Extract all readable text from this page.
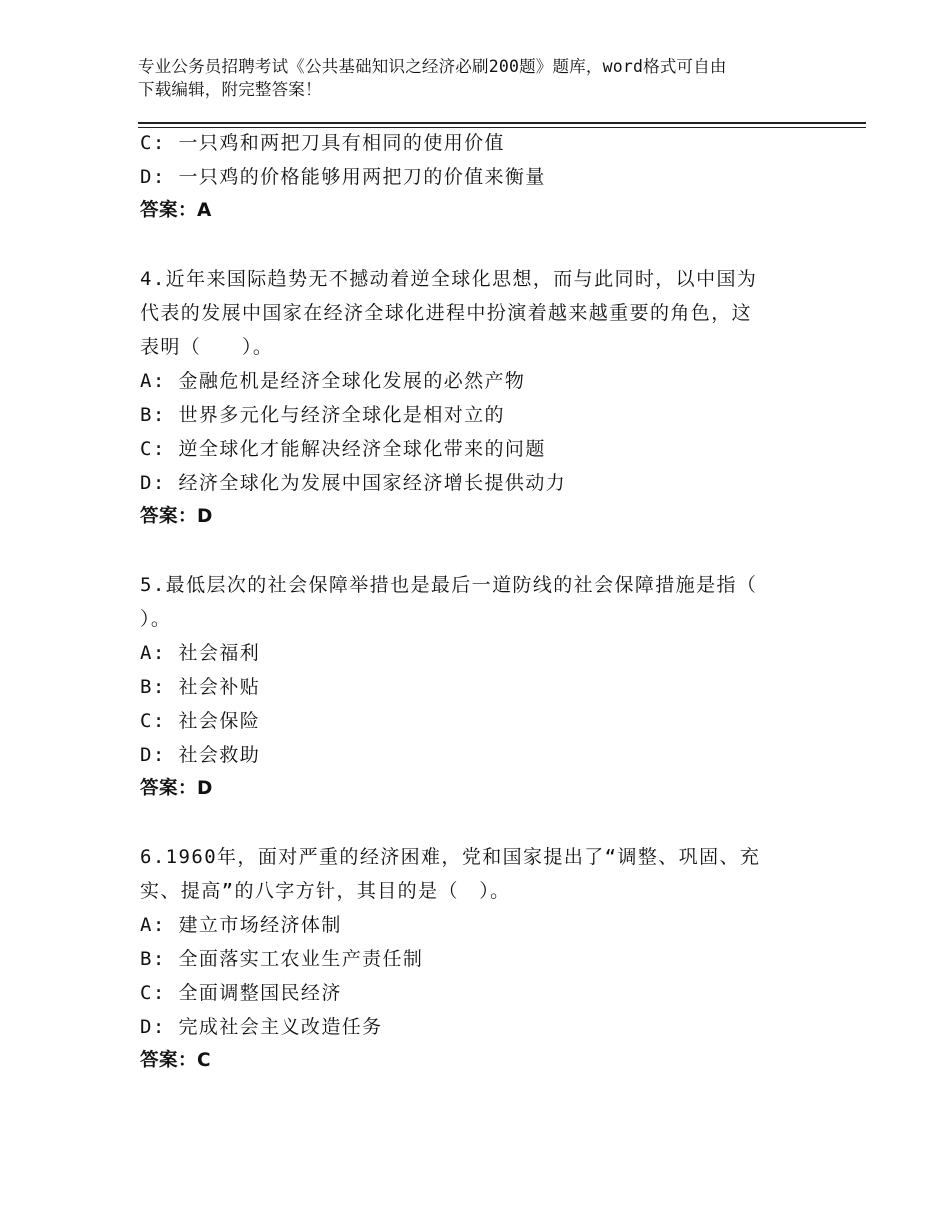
专业公务员招聘考试《公共基础知识之经济必刷200题》题库，word格式可自由
下载编辑，附完整答案！
C: 一只鸡和两把刀具有相同的使用价值
D: 一只鸡的价格能够用两把刀的价值来衡量
答案：A
4.近年来国际趋势无不撼动着逆全球化思想，而与此同时，以中国为
代表的发展中国家在经济全球化进程中扮演着越来越重要的角色，这
表明（　　）。
A: 金融危机是经济全球化发展的必然产物
B: 世界多元化与经济全球化是相对立的
C: 逆全球化才能解决经济全球化带来的问题
D: 经济全球化为发展中国家经济增长提供动力
答案：D
5.最低层次的社会保障举措也是最后一道防线的社会保障措施是指（
）。
A: 社会福利
B: 社会补贴
C: 社会保险
D: 社会救助
答案：D
6.1960年，面对严重的经济困难，党和国家提出了“调整、巩固、充
实、提高”的八字方针，其目的是（　）。
A: 建立市场经济体制
B: 全面落实工农业生产责任制
C: 全面调整国民经济
D: 完成社会主义改造任务
答案：C
